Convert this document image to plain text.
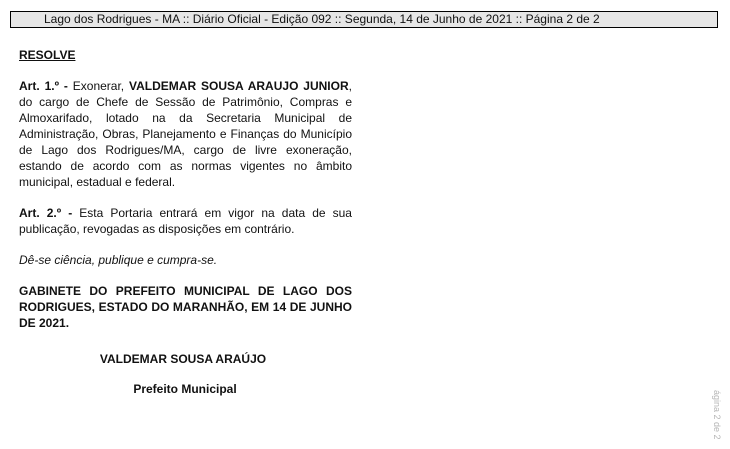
Lago dos Rodrigues - MA :: Diário Oficial - Edição 092 :: Segunda, 14 de Junho de 2021 :: Página 2 de 2

RESOLVE

Art. 1.º - Exonerar, VALDEMAR SOUSA ARAUJO JUNIOR, do cargo de Chefe de Sessão de Patrimônio, Compras e Almoxarifado, lotado na da Secretaria Municipal de Administração, Obras, Planejamento e Finanças do Município de Lago dos Rodrigues/MA, cargo de livre exoneração, estando de acordo com as normas vigentes no âmbito municipal, estadual e federal.

Art. 2.º - Esta Portaria entrará em vigor na data de sua publicação, revogadas as disposições em contrário.

Dê-se ciência, publique e cumpra-se.

GABINETE DO PREFEITO MUNICIPAL DE LAGO DOS RODRIGUES, ESTADO DO MARANHÃO, EM 14 DE JUNHO DE 2021.

VALDEMAR SOUSA ARAÚJO

Prefeito Municipal

ágina 2 de 2
